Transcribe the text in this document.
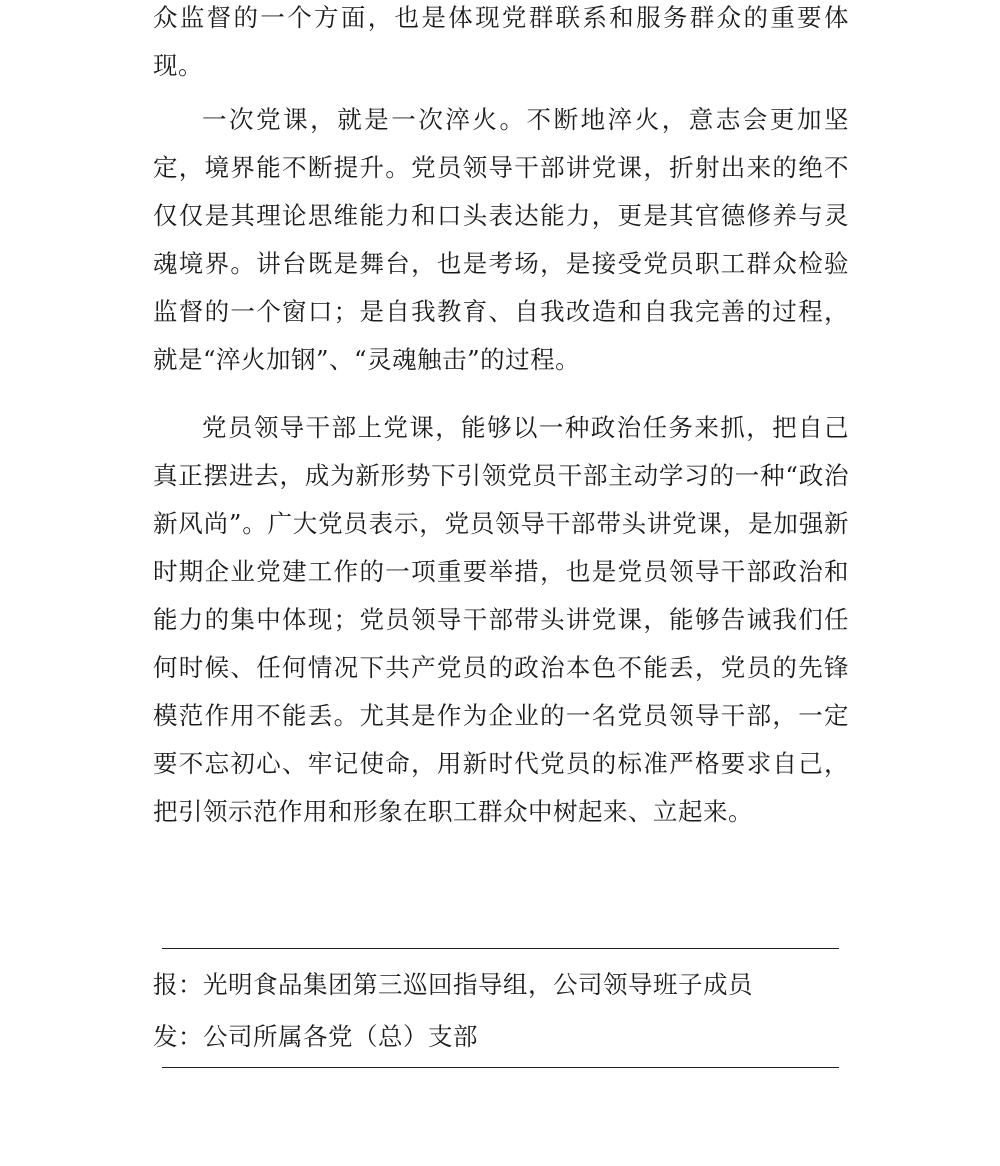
众监督的一个方面，也是体现党群联系和服务群众的重要体现。

一次党课，就是一次淬火。不断地淬火，意志会更加坚定，境界能不断提升。党员领导干部讲党课，折射出来的绝不仅仅是其理论思维能力和口头表达能力，更是其官德修养与灵魂境界。讲台既是舞台，也是考场，是接受党员职工群众检验监督的一个窗口；是自我教育、自我改造和自我完善的过程，就是“淬火加钢”、“灵魂触击”的过程。

党员领导干部上党课，能够以一种政治任务来抓，把自己真正摆进去，成为新形势下引领党员干部主动学习的一种“政治新风尚”。广大党员表示，党员领导干部带头讲党课，是加强新时期企业党建工作的一项重要举措，也是党员领导干部政治和能力的集中体现；党员领导干部带头讲党课，能够告诫我们任何时候、任何情况下共产党员的政治本色不能丢，党员的先锋模范作用不能丢。尤其是作为企业的一名党员领导干部，一定要不忘初心、牢记使命，用新时代党员的标准严格要求自己，把引领示范作用和形象在职工群众中树起来、立起来。

报：光明食品集团第三巡回指导组，公司领导班子成员
发：公司所属各党（总）支部
